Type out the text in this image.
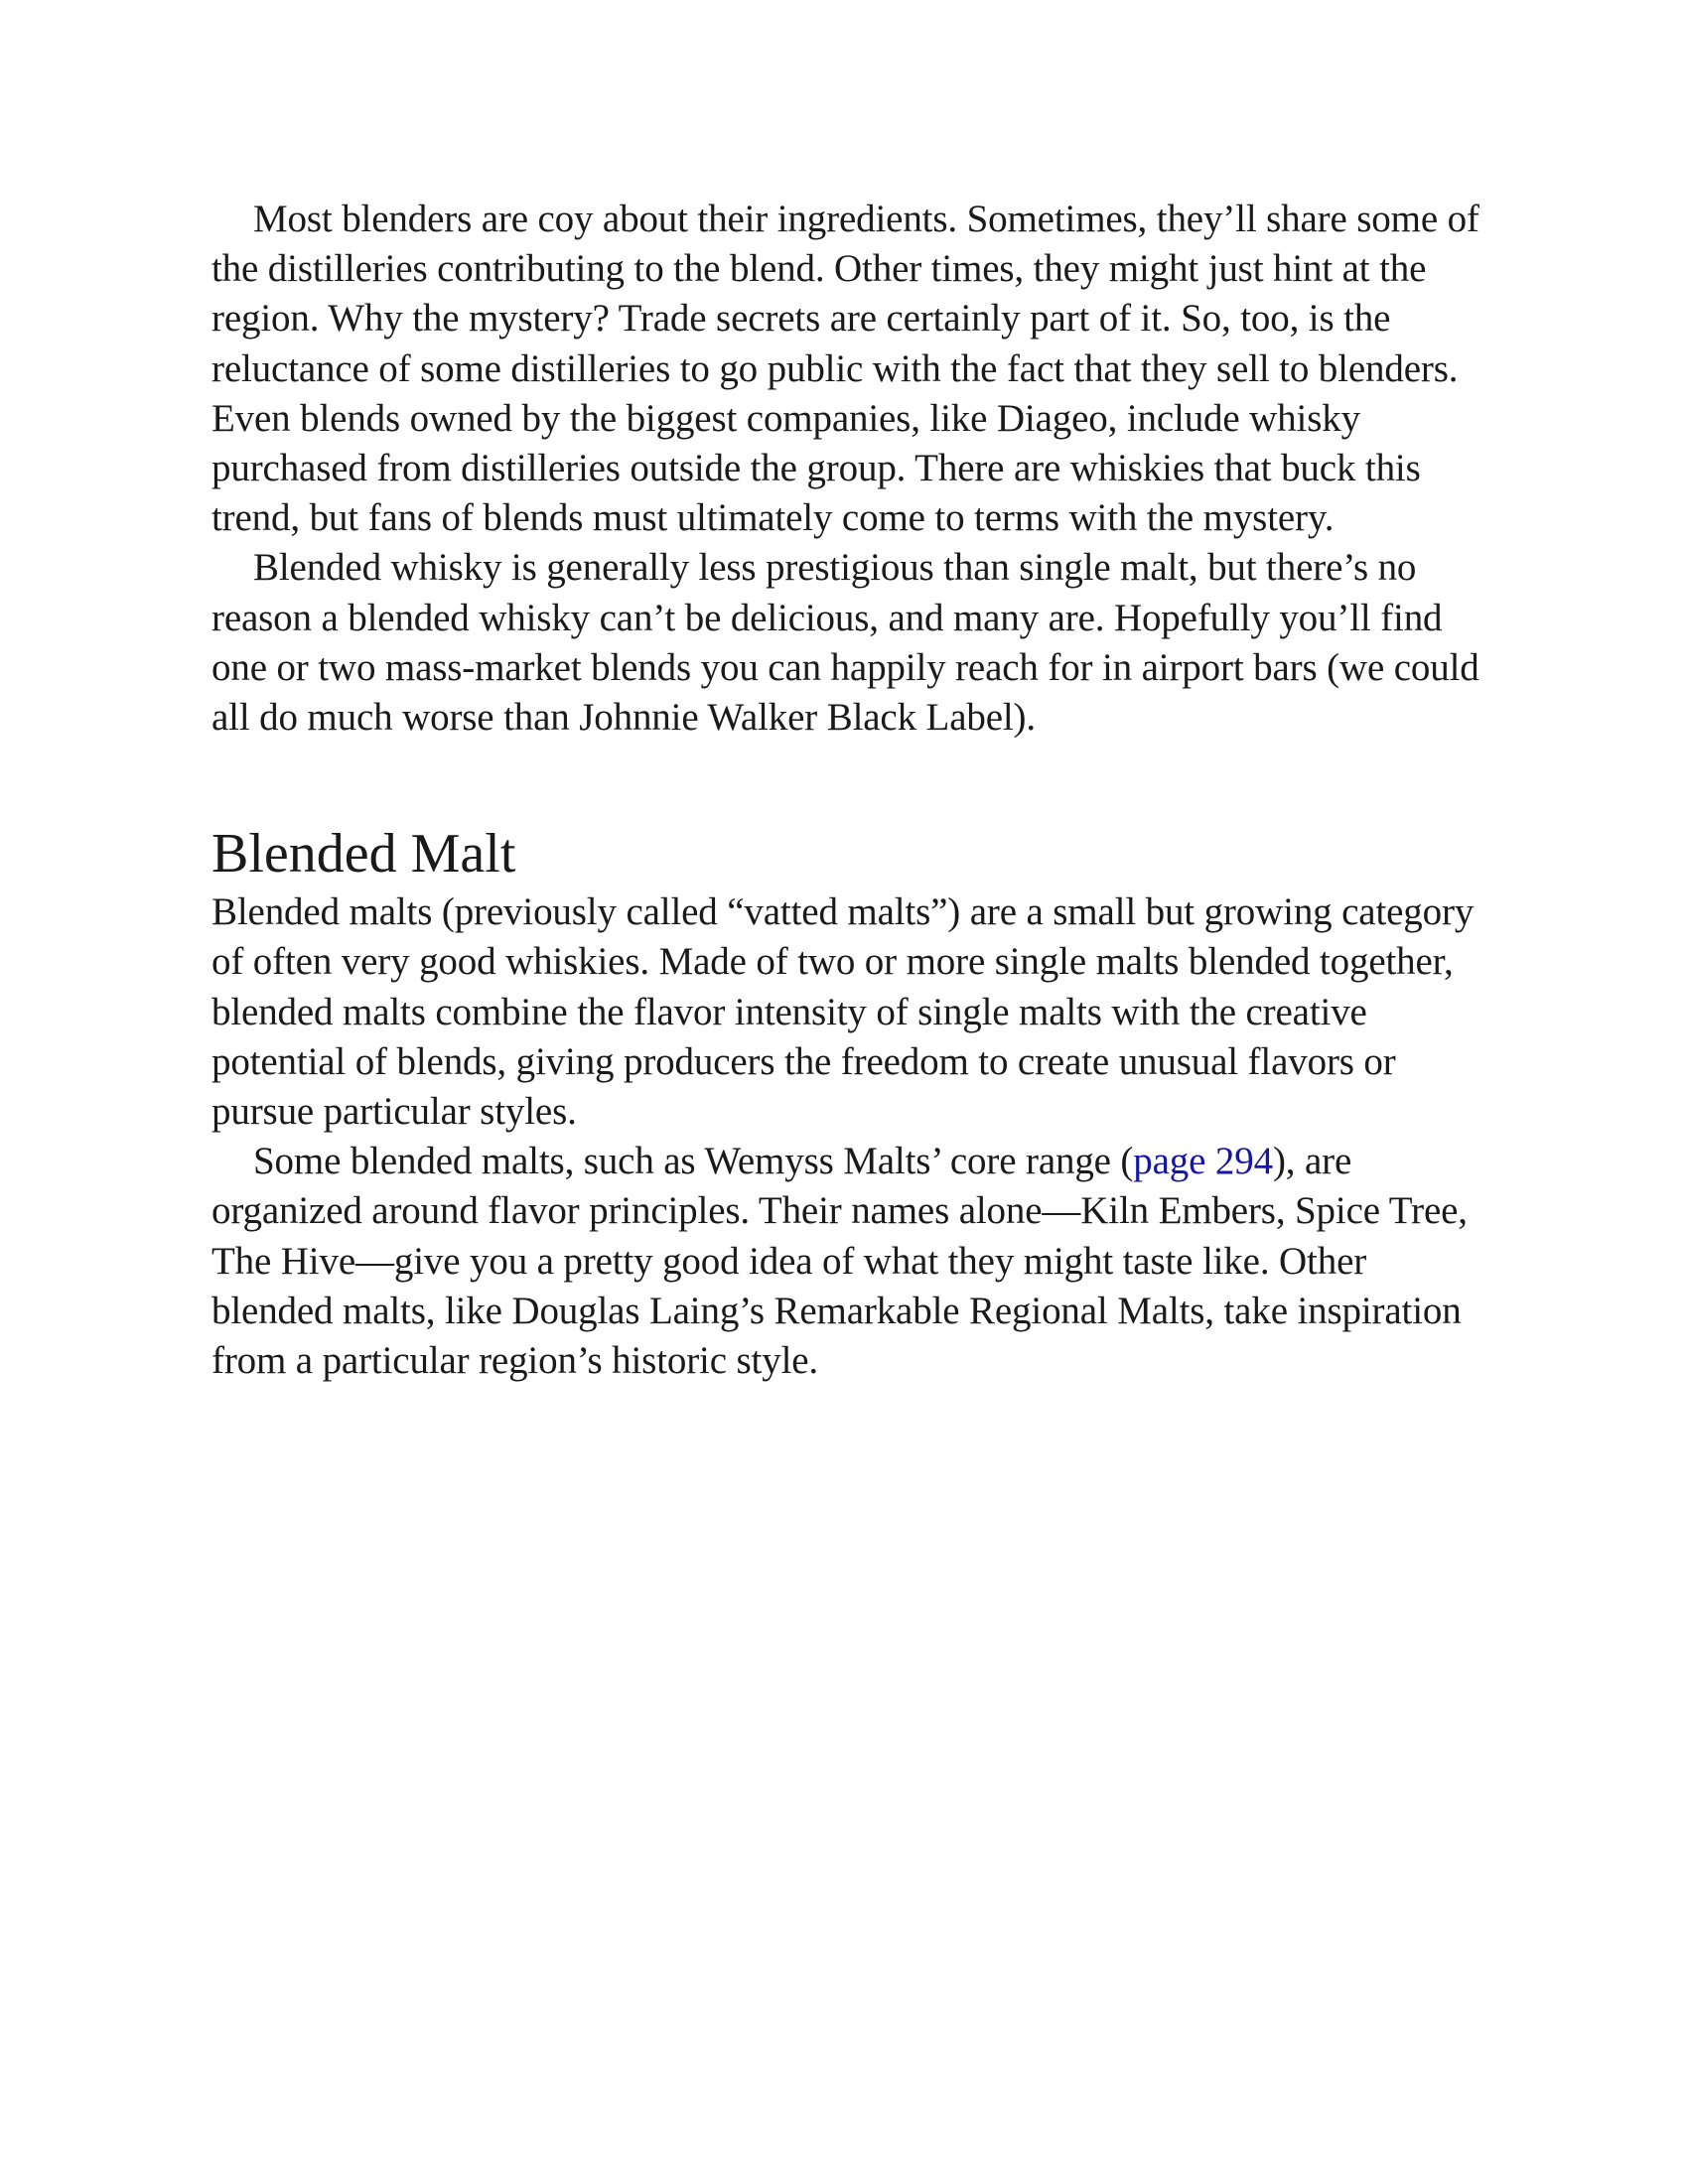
Most blenders are coy about their ingredients. Sometimes, they’ll share some of the distilleries contributing to the blend. Other times, they might just hint at the region. Why the mystery? Trade secrets are certainly part of it. So, too, is the reluctance of some distilleries to go public with the fact that they sell to blenders. Even blends owned by the biggest companies, like Diageo, include whisky purchased from distilleries outside the group. There are whiskies that buck this trend, but fans of blends must ultimately come to terms with the mystery.

Blended whisky is generally less prestigious than single malt, but there’s no reason a blended whisky can’t be delicious, and many are. Hopefully you’ll find one or two mass-market blends you can happily reach for in airport bars (we could all do much worse than Johnnie Walker Black Label).

Blended Malt

Blended malts (previously called “vatted malts”) are a small but growing category of often very good whiskies. Made of two or more single malts blended together, blended malts combine the flavor intensity of single malts with the creative potential of blends, giving producers the freedom to create unusual flavors or pursue particular styles.

Some blended malts, such as Wemyss Malts’ core range (page 294), are organized around flavor principles. Their names alone—Kiln Embers, Spice Tree, The Hive—give you a pretty good idea of what they might taste like. Other blended malts, like Douglas Laing’s Remarkable Regional Malts, take inspiration from a particular region’s historic style.
